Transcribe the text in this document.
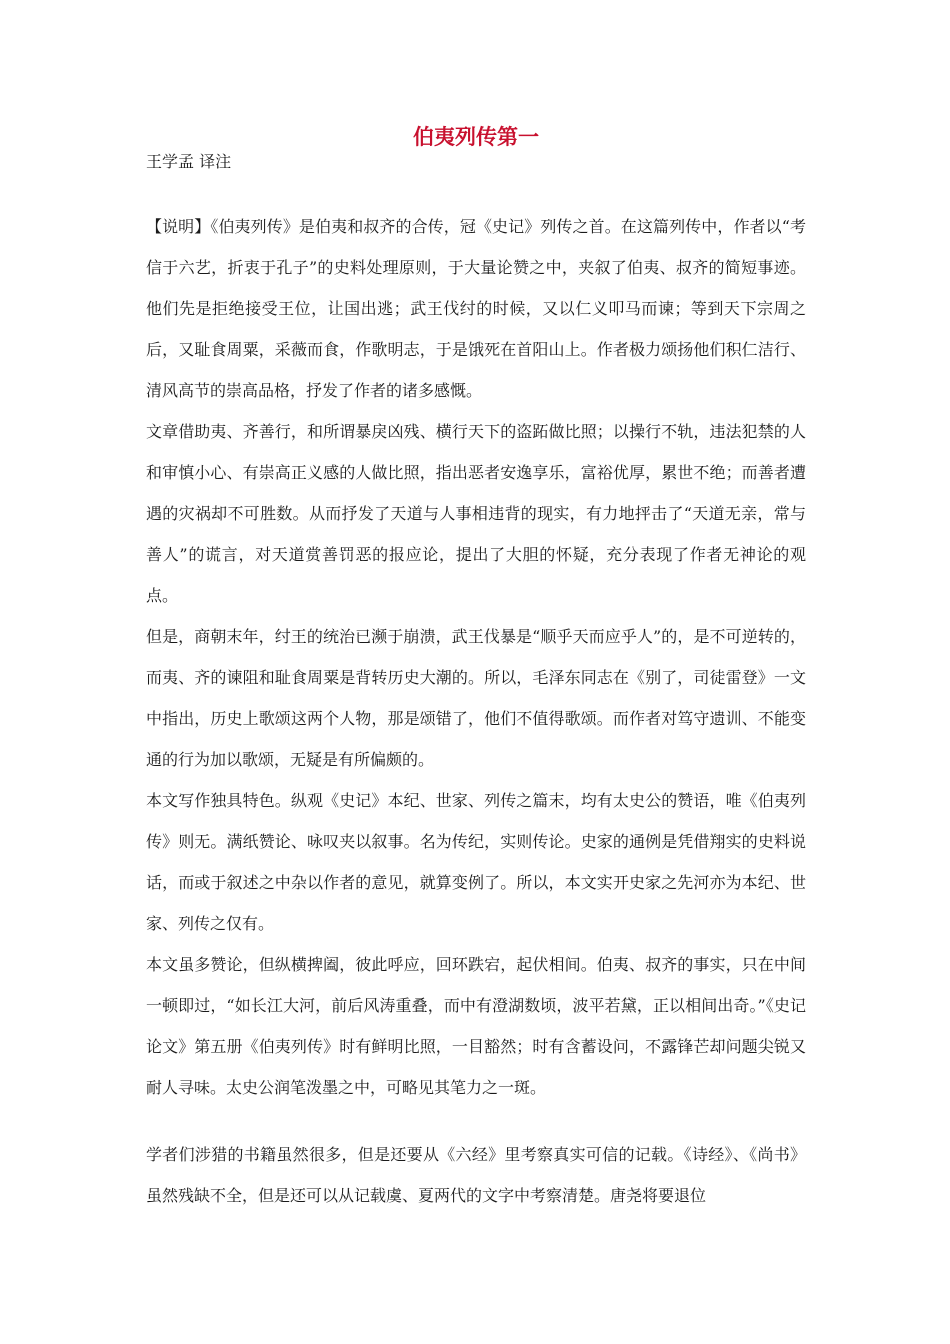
伯夷列传第一

王学孟 译注

【说明】《伯夷列传》是伯夷和叔齐的合传，冠《史记》列传之首。在这篇列传中，作者以“考信于六艺，折衷于孔子”的史料处理原则，于大量论赞之中，夹叙了伯夷、叔齐的简短事迹。他们先是拒绝接受王位，让国出逃；武王伐纣的时候，又以仁义叩马而谏；等到天下宗周之后，又耻食周粟，采薇而食，作歌明志，于是饿死在首阳山上。作者极力颂扬他们积仁洁行、清风高节的崇高品格，抒发了作者的诸多感慨。

文章借助夷、齐善行，和所谓暴戾凶残、横行天下的盗跖做比照；以操行不轨，违法犯禁的人和审慎小心、有崇高正义感的人做比照，指出恶者安逸享乐，富裕优厚，累世不绝；而善者遭遇的灾祸却不可胜数。从而抒发了天道与人事相违背的现实，有力地抨击了“天道无亲，常与善人”的谎言，对天道赏善罚恶的报应论，提出了大胆的怀疑，充分表现了作者无神论的观点。

但是，商朝末年，纣王的统治已濒于崩溃，武王伐暴是“顺乎天而应乎人”的，是不可逆转的，而夷、齐的谏阻和耻食周粟是背转历史大潮的。所以，毛泽东同志在《别了，司徒雷登》一文中指出，历史上歌颂这两个人物，那是颂错了，他们不值得歌颂。而作者对笃守遗训、不能变通的行为加以歌颂，无疑是有所偏颇的。

本文写作独具特色。纵观《史记》本纪、世家、列传之篇末，均有太史公的赞语，唯《伯夷列传》则无。满纸赞论、咏叹夹以叙事。名为传纪，实则传论。史家的通例是凭借翔实的史料说话，而或于叙述之中杂以作者的意见，就算变例了。所以，本文实开史家之先河亦为本纪、世家、列传之仅有。

本文虽多赞论，但纵横捭阖，彼此呼应，回环跌宕，起伏相间。伯夷、叔齐的事实，只在中间一顿即过，“如长江大河，前后风涛重叠，而中有澄湖数顷，波平若黛，正以相间出奇。”《史记论文》第五册《伯夷列传》时有鲜明比照，一目豁然；时有含蓄设问，不露锋芒却问题尖锐又耐人寻味。太史公润笔泼墨之中，可略见其笔力之一斑。

学者们涉猎的书籍虽然很多，但是还要从《六经》里考察真实可信的记载。《诗经》、《尚书》虽然残缺不全，但是还可以从记载虞、夏两代的文字中考察清楚。唐尧将要退位
